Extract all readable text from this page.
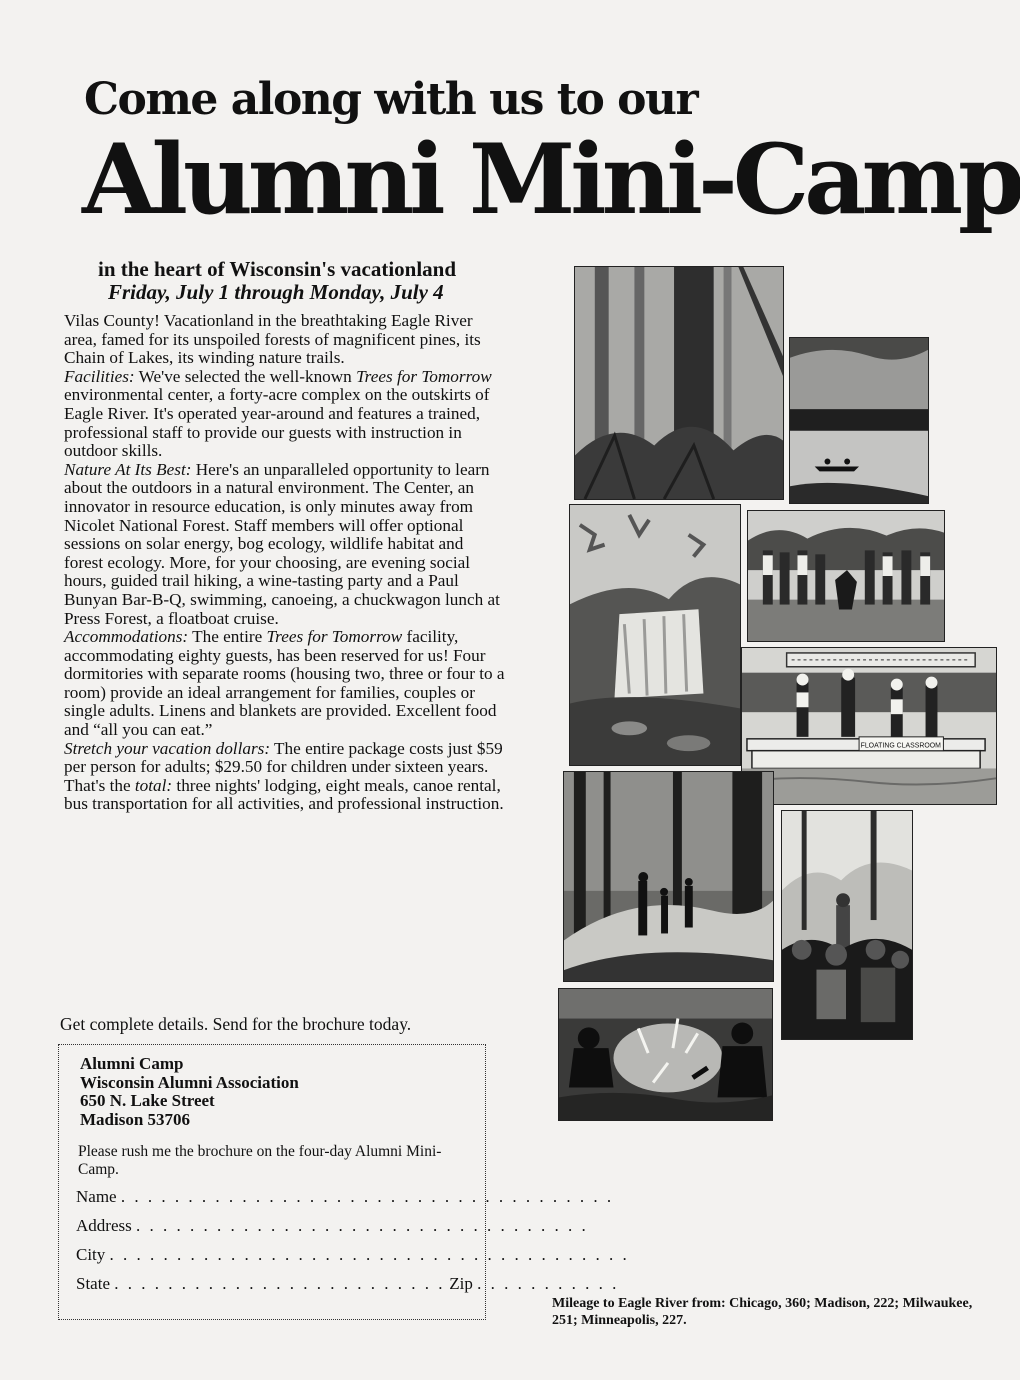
Come along with us to our
Alumni Mini-Camp
in the heart of Wisconsin's vacationland
Friday, July 1 through Monday, July 4

Vilas County! Vacationland in the breathtaking Eagle River area, famed for its unspoiled forests of magnificent pines, its Chain of Lakes, its winding nature trails.

Facilities: We've selected the well-known Trees for Tomorrow environmental center, a forty-acre complex on the outskirts of Eagle River. It's operated year-around and features a trained, professional staff to provide our guests with instruction in outdoor skills.

Nature At Its Best: Here's an unparalleled opportunity to learn about the outdoors in a natural environment. The Center, an innovator in resource education, is only minutes away from Nicolet National Forest. Staff members will offer optional sessions on solar energy, bog ecology, wildlife habitat and forest ecology. More, for your choosing, are evening social hours, guided trail hiking, a wine-tasting party and a Paul Bunyan Bar-B-Q, swimming, canoeing, a chuckwagon lunch at Press Forest, a floatboat cruise.

Accommodations: The entire Trees for Tomorrow facility, accommodating eighty guests, has been reserved for us! Four dormitories with separate rooms (housing two, three or four to a room) provide an ideal arrangement for families, couples or single adults. Linens and blankets are provided. Excellent food and “all you can eat.”

Stretch your vacation dollars: The entire package costs just $59 per person for adults; $29.50 for children under sixteen years. That's the total: three nights' lodging, eight meals, canoe rental, bus transportation for all activities, and professional instruction.

Get complete details. Send for the brochure today.
Alumni Camp
Wisconsin Alumni Association
650 N. Lake Street
Madison 53706
Please rush me the brochure on the four-day Alumni Mini-Camp.
Name . . . . . . . . . . . . . . . . . . . . . . . . . . . . . . . . . . . . .
Address . . . . . . . . . . . . . . . . . . . . . . . . . . . . . . . . . .
City . . . . . . . . . . . . . . . . . . . . . . . . . . . . . . . . . . . . . . .
State . . . . . . . . . . . . . . . . . . . . . . . . . Zip . . . . . . . . . . .
FLOATING CLASSROOM
Mileage to Eagle River from: Chicago, 360; Madison, 222; Milwaukee, 251; Minneapolis, 227.
